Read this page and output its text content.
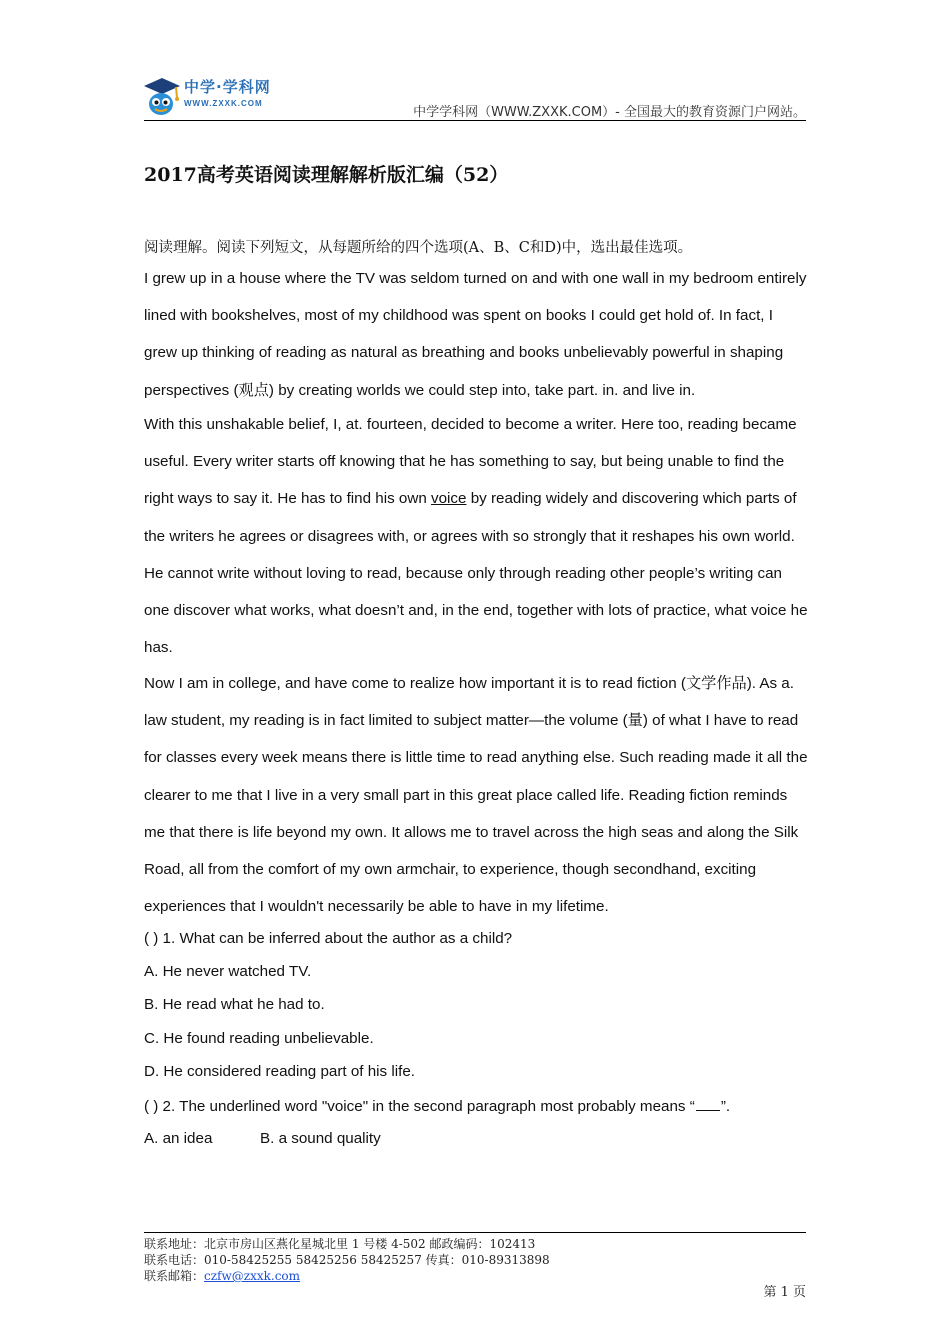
中学·学科网
WWW.ZXXK.COM
中学学科网（WWW.ZXXK.COM）- 全国最大的教育资源门户网站。
2017高考英语阅读理解解析版汇编（52）
阅读理解。阅读下列短文，从每题所给的四个选项(A、B、C和D)中，选出最佳选项。
I grew up in a house where the TV was seldom turned on and with one wall in my bedroom entirely lined with bookshelves, most of my childhood was spent on books I could get hold of. In fact, I grew up thinking of reading as natural as breathing and books unbelievably powerful in shaping perspectives (观点) by creating worlds we could step into, take part. in. and live in.
With this unshakable belief, I, at. fourteen, decided to become a writer. Here too, reading became useful. Every writer starts off knowing that he has something to say, but being unable to find the right ways to say it. He has to find his own voice by reading widely and discovering which parts of the writers he agrees or disagrees with, or agrees with so strongly that it reshapes his own world. He cannot write without loving to read, because only through reading other people’s writing can one discover what works, what doesn’t and, in the end, together with lots of practice, what voice he has.
Now I am in college, and have come to realize how important it is to read fiction (文学作品). As a. law student, my reading is in fact limited to subject matter—the volume (量) of what I have to read for classes every week means there is little time to read anything else. Such reading made it all the clearer to me that I live in a very small part in this great place called life. Reading fiction reminds me that there is life beyond my own. It allows me to travel across the high seas and along the Silk Road, all from the comfort of my own armchair, to experience, though secondhand, exciting experiences that I wouldn't necessarily be able to have in my lifetime.
( ) 1. What can be inferred about the author as a child?
A. He never watched TV.
B. He read what he had to.
C. He found reading unbelievable.
D. He considered reading part of his life.
( ) 2. The underlined word "voice" in the second paragraph most probably means “ ”.
A. an idea	B. a sound quality
联系地址：北京市房山区燕化星城北里 1 号楼 4-502 邮政编码：102413
联系电话：010-58425255 58425256 58425257 传真：010-89313898
联系邮箱：czfw@zxxk.com
第 1 页
